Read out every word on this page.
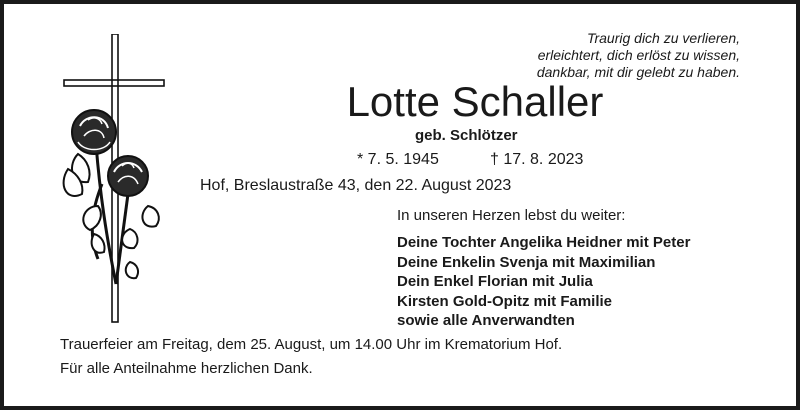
Traurig dich zu verlieren,
erleichtert, dich erlöst zu wissen,
dankbar, mit dir gelebt zu haben.
Lotte Schaller
geb. Schlötzer
* 7. 5. 1945	† 17. 8. 2023
Hof, Breslaustraße 43, den 22. August 2023
In unseren Herzen lebst du weiter:
Deine Tochter Angelika Heidner mit Peter
Deine Enkelin Svenja mit Maximilian
Dein Enkel Florian mit Julia
Kirsten Gold-Opitz mit Familie
sowie alle Anverwandten
Trauerfeier am Freitag, dem 25. August, um 14.00 Uhr im Krematorium Hof.
Für alle Anteilnahme herzlichen Dank.
